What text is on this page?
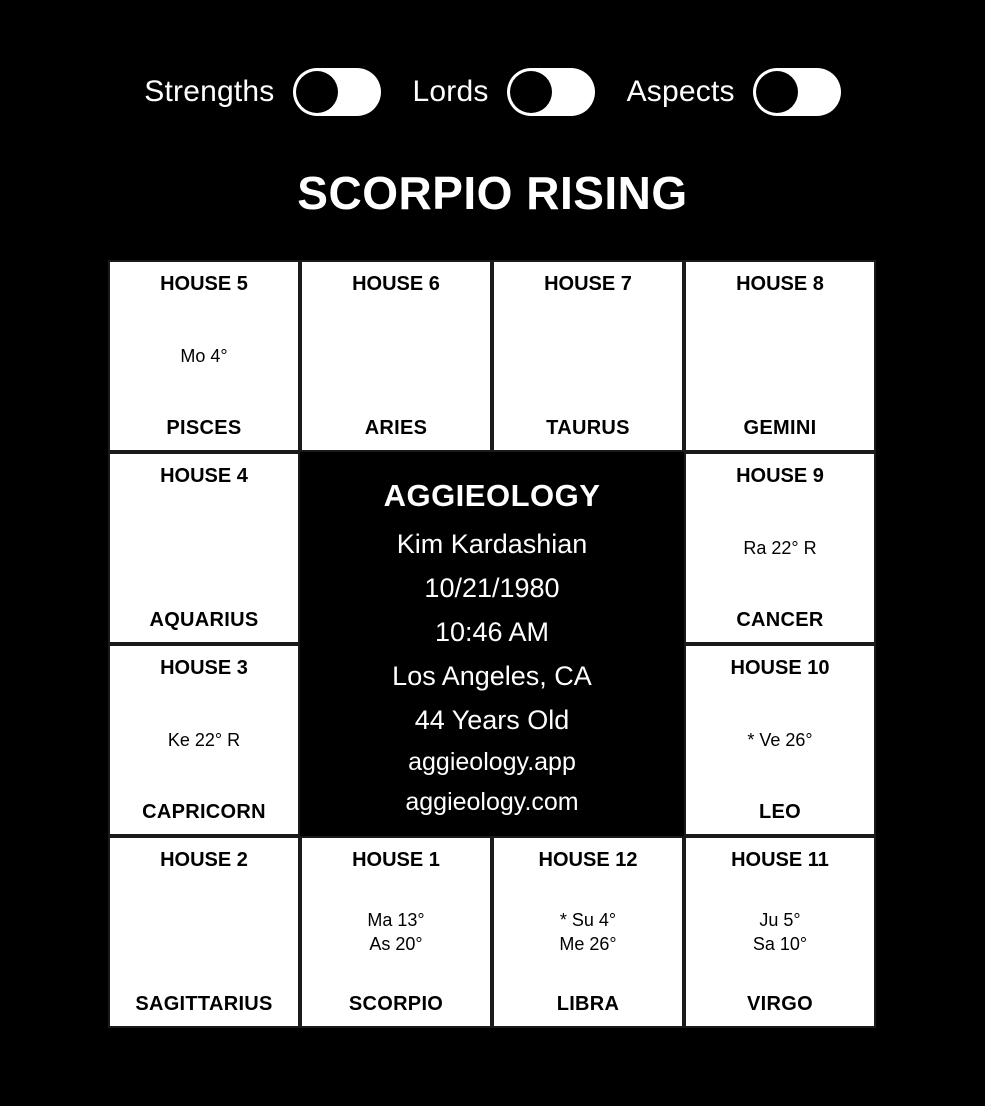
Strengths	Lords	Aspects
SCORPIO RISING
HOUSE 5
Mo 4°
PISCES
HOUSE 6
ARIES
HOUSE 7
TAURUS
HOUSE 8
GEMINI
HOUSE 4
AQUARIUS
AGGIEOLOGY
Kim Kardashian
10/21/1980
10:46 AM
Los Angeles, CA
44 Years Old
aggieology.app
aggieology.com
HOUSE 9
Ra 22° R
CANCER
HOUSE 3
Ke 22° R
CAPRICORN
HOUSE 10
* Ve 26°
LEO
HOUSE 2
SAGITTARIUS
HOUSE 1
Ma 13°
As 20°
SCORPIO
HOUSE 12
* Su 4°
Me 26°
LIBRA
HOUSE 11
Ju 5°
Sa 10°
VIRGO
